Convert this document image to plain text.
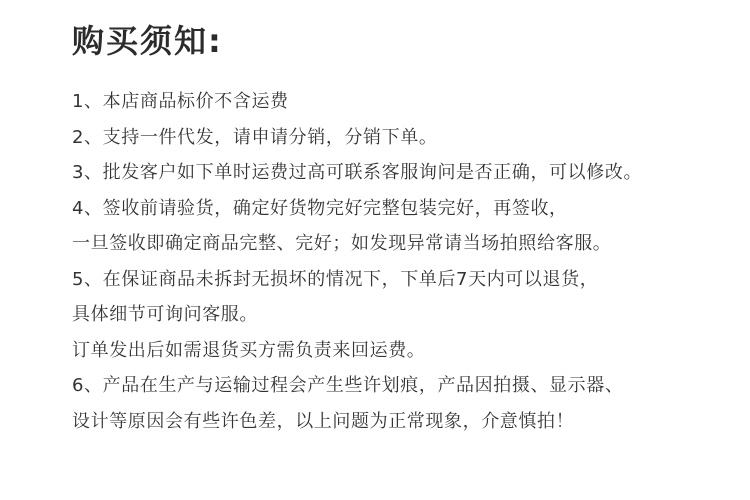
购买须知:
1、本店商品标价不含运费
2、支持一件代发，请申请分销，分销下单。
3、批发客户如下单时运费过高可联系客服询问是否正确，可以修改。
4、签收前请验货，确定好货物完好完整包装完好，再签收，
一旦签收即确定商品完整、完好；如发现异常请当场拍照给客服。
5、在保证商品未拆封无损坏的情况下，下单后7天内可以退货，
具体细节可询问客服。
订单发出后如需退货买方需负责来回运费。
6、产品在生产与运输过程会产生些许划痕，产品因拍摄、显示器、
设计等原因会有些许色差，以上问题为正常现象，介意慎拍！
